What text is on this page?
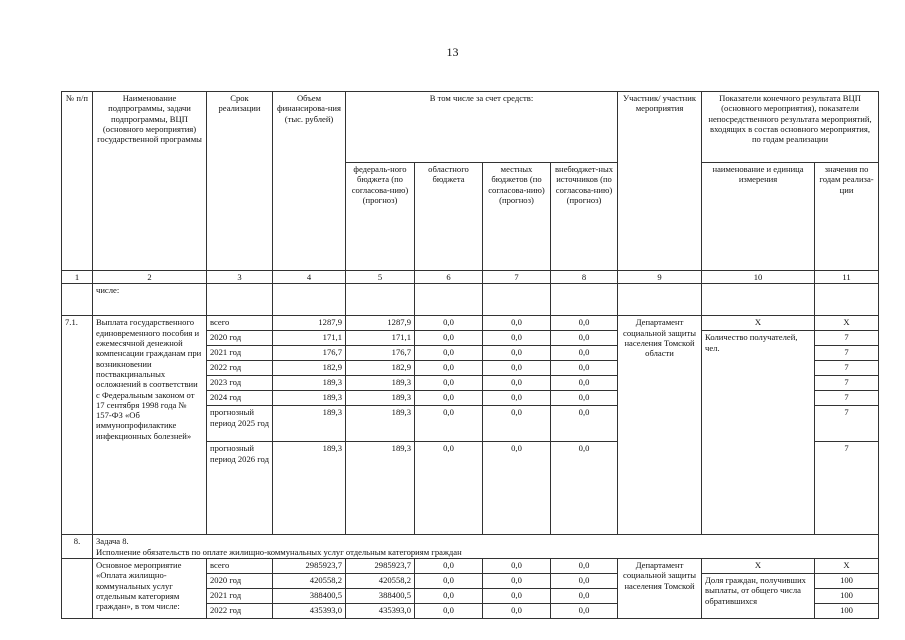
13
№ п/п	Наименование подпрограммы, задачи подпрограммы, ВЦП (основного мероприятия) государственной программы	Срок реализации	Объем финансирова-ния (тыс. рублей)	В том числе за счет средств:				Участник/ участник мероприятия	Показатели конечного результата ВЦП (основного мероприятия), показатели непосредственного результата мероприятий, входящих в состав основного мероприятия, по годам реализации	
				федераль-ного бюджета (по согласова-нию) (прогноз)	областного бюджета	местных бюджетов (по согласова-нию) (прогноз)	внебюджет-ных источников (по согласова-нию) (прогноз)		наименование и единица измерения	значения по годам реализа-ции
1	2	3	4	5	6	7	8	9	10	11
	числе:									
7.1.	Выплата государственного единовременного пособия и ежемесячной денежной компенсации гражданам при возникновении поствакцинальных осложнений в соответствии с Федеральным законом от 17 сентября 1998 года № 157-ФЗ «Об иммунопрофилактике инфекционных болезней»	всего	1287,9	1287,9	0,0	0,0	0,0	Департамент социальной защиты населения Томской области	X	X
		2020 год	171,1	171,1	0,0	0,0	0,0		Количество получателей, чел.	7
		2021 год	176,7	176,7	0,0	0,0	0,0			7
		2022 год	182,9	182,9	0,0	0,0	0,0			7
		2023 год	189,3	189,3	0,0	0,0	0,0			7
		2024 год	189,3	189,3	0,0	0,0	0,0			7
		прогнозный период 2025 год	189,3	189,3	0,0	0,0	0,0			7
		прогнозный период 2026 год	189,3	189,3	0,0	0,0	0,0			7
8.	Задача 8.
Исполнение обязательств по оплате жилищно-коммунальных услуг отдельным категориям граждан									

	Основное мероприятие «Оплата жилищно-коммунальных услуг отдельным категориям граждан», в том числе:	всего	2985923,7	2985923,7	0,0	0,0	0,0	Департамент социальной защиты населения Томской	X	X
		2020 год	420558,2	420558,2	0,0	0,0	0,0		Доля граждан, получивших выплаты, от общего числа обратившихся	100
		2021 год	388400,5	388400,5	0,0	0,0	0,0			100
		2022 год	435393,0	435393,0	0,0	0,0	0,0			100
